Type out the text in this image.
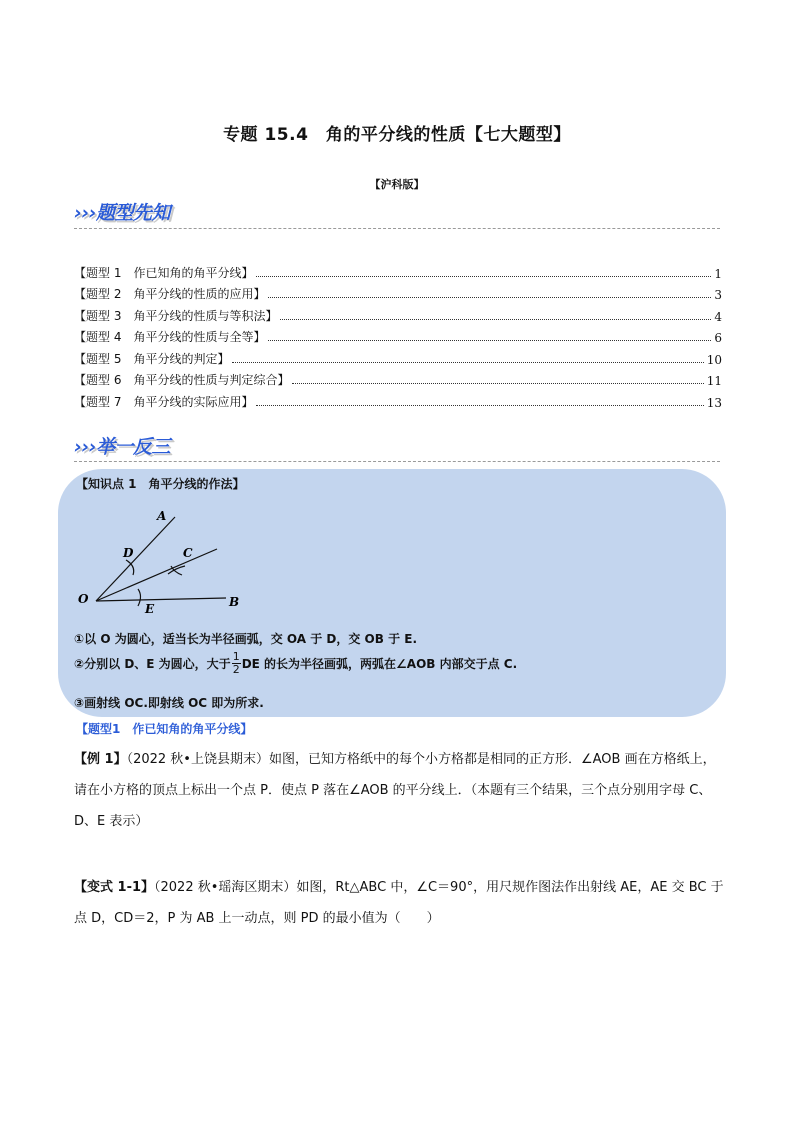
专题 15.4　角的平分线的性质【七大题型】
【沪科版】
›››题型先知
【题型 1　作已知角的角平分线】	1
【题型 2　角平分线的性质的应用】	3
【题型 3　角平分线的性质与等积法】	4
【题型 4　角平分线的性质与全等】	6
【题型 5　角平分线的判定】	10
【题型 6　角平分线的性质与判定综合】	11
【题型 7　角平分线的实际应用】	13
›››举一反三
【知识点 1　角平分线的作法】
A
C
D
O
E	B
①以 O 为圆心，适当长为半径画弧，交 OA 于 D，交 OB 于 E.
②分别以 D、E 为圆心，大于 $\frac{1}{2}$ DE 的长为半径画弧，两弧在∠AOB 内部交于点 C.
③画射线 OC.即射线 OC 即为所求.
【题型1　作已知角的角平分线】

【例 1】（2022 秋•上饶县期末）如图，已知方格纸中的每个小方格都是相同的正方形．∠AOB 画在方格纸上，请在小方格的顶点上标出一个点 P．使点 P 落在∠AOB 的平分线上．（本题有三个结果，三个点分别用字母 C、D、E 表示）

【变式 1-1】（2022 秋•瑶海区期末）如图，Rt△ABC 中，∠C＝90°，用尺规作图法作出射线 AE，AE 交 BC 于点 D，CD＝2，P 为 AB 上一动点，则 PD 的最小值为（　　）
